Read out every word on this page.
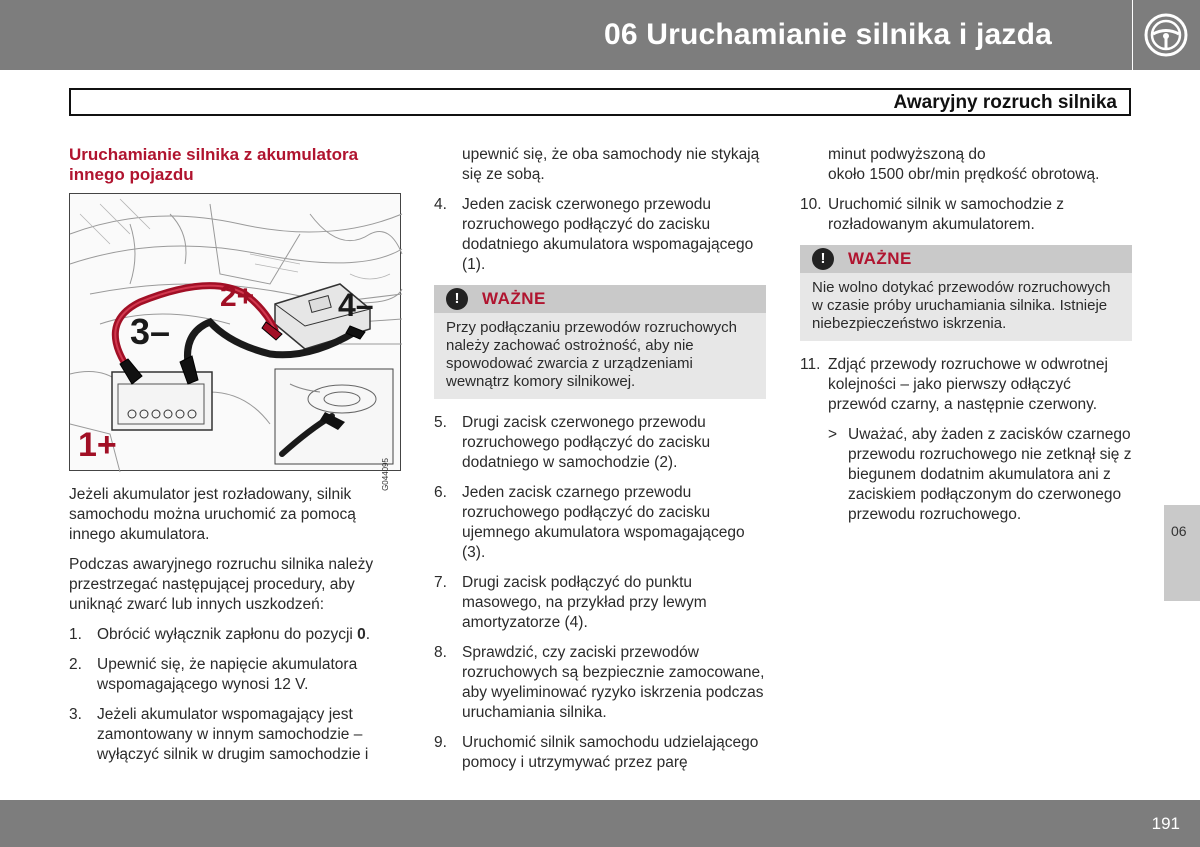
06 Uruchamianie silnika i jazda
Awaryjny rozruch silnika
Uruchamianie silnika z akumulatora innego pojazdu
2+
3–
4–
1+
G044095

Jeżeli akumulator jest rozładowany, silnik samochodu można uruchomić za pomocą innego akumulatora.

Podczas awaryjnego rozruchu silnika należy przestrzegać następującej procedury, aby uniknąć zwarć lub innych uszkodzeń:

1. Obrócić wyłącznik zapłonu do pozycji 0.
2. Upewnić się, że napięcie akumulatora wspomagającego wynosi 12 V.
3. Jeżeli akumulator wspomagający jest zamontowany w innym samochodzie – wyłączyć silnik w drugim samochodzie i
upewnić się, że oba samochody nie stykają się ze sobą.
4. Jeden zacisk czerwonego przewodu rozruchowego podłączyć do zacisku dodatniego akumulatora wspomagającego (1).
!	WAŻNE
Przy podłączaniu przewodów rozruchowych należy zachować ostrożność, aby nie spowodować zwarcia z urządzeniami wewnątrz komory silnikowej.
5. Drugi zacisk czerwonego przewodu rozruchowego podłączyć do zacisku dodatniego w samochodzie (2).
6. Jeden zacisk czarnego przewodu rozruchowego podłączyć do zacisku ujemnego akumulatora wspomagającego (3).
7. Drugi zacisk podłączyć do punktu masowego, na przykład przy lewym amortyzatorze (4).
8. Sprawdzić, czy zaciski przewodów rozruchowych są bezpiecznie zamocowane, aby wyeliminować ryzyko iskrzenia podczas uruchamiania silnika.
9. Uruchomić silnik samochodu udzielającego pomocy i utrzymywać przez parę
minut podwyższoną do
około 1500 obr/min prędkość obrotową.
10. Uruchomić silnik w samochodzie z rozładowanym akumulatorem.
!	WAŻNE
Nie wolno dotykać przewodów rozruchowych w czasie próby uruchamiania silnika. Istnieje niebezpieczeństwo iskrzenia.
11. Zdjąć przewody rozruchowe w odwrotnej kolejności – jako pierwszy odłączyć przewód czarny, a następnie czerwony.
> Uważać, aby żaden z zacisków czarnego przewodu rozruchowego nie zetknął się z biegunem dodatnim akumulatora ani z zaciskiem podłączonym do czerwonego przewodu rozruchowego.
06
191
